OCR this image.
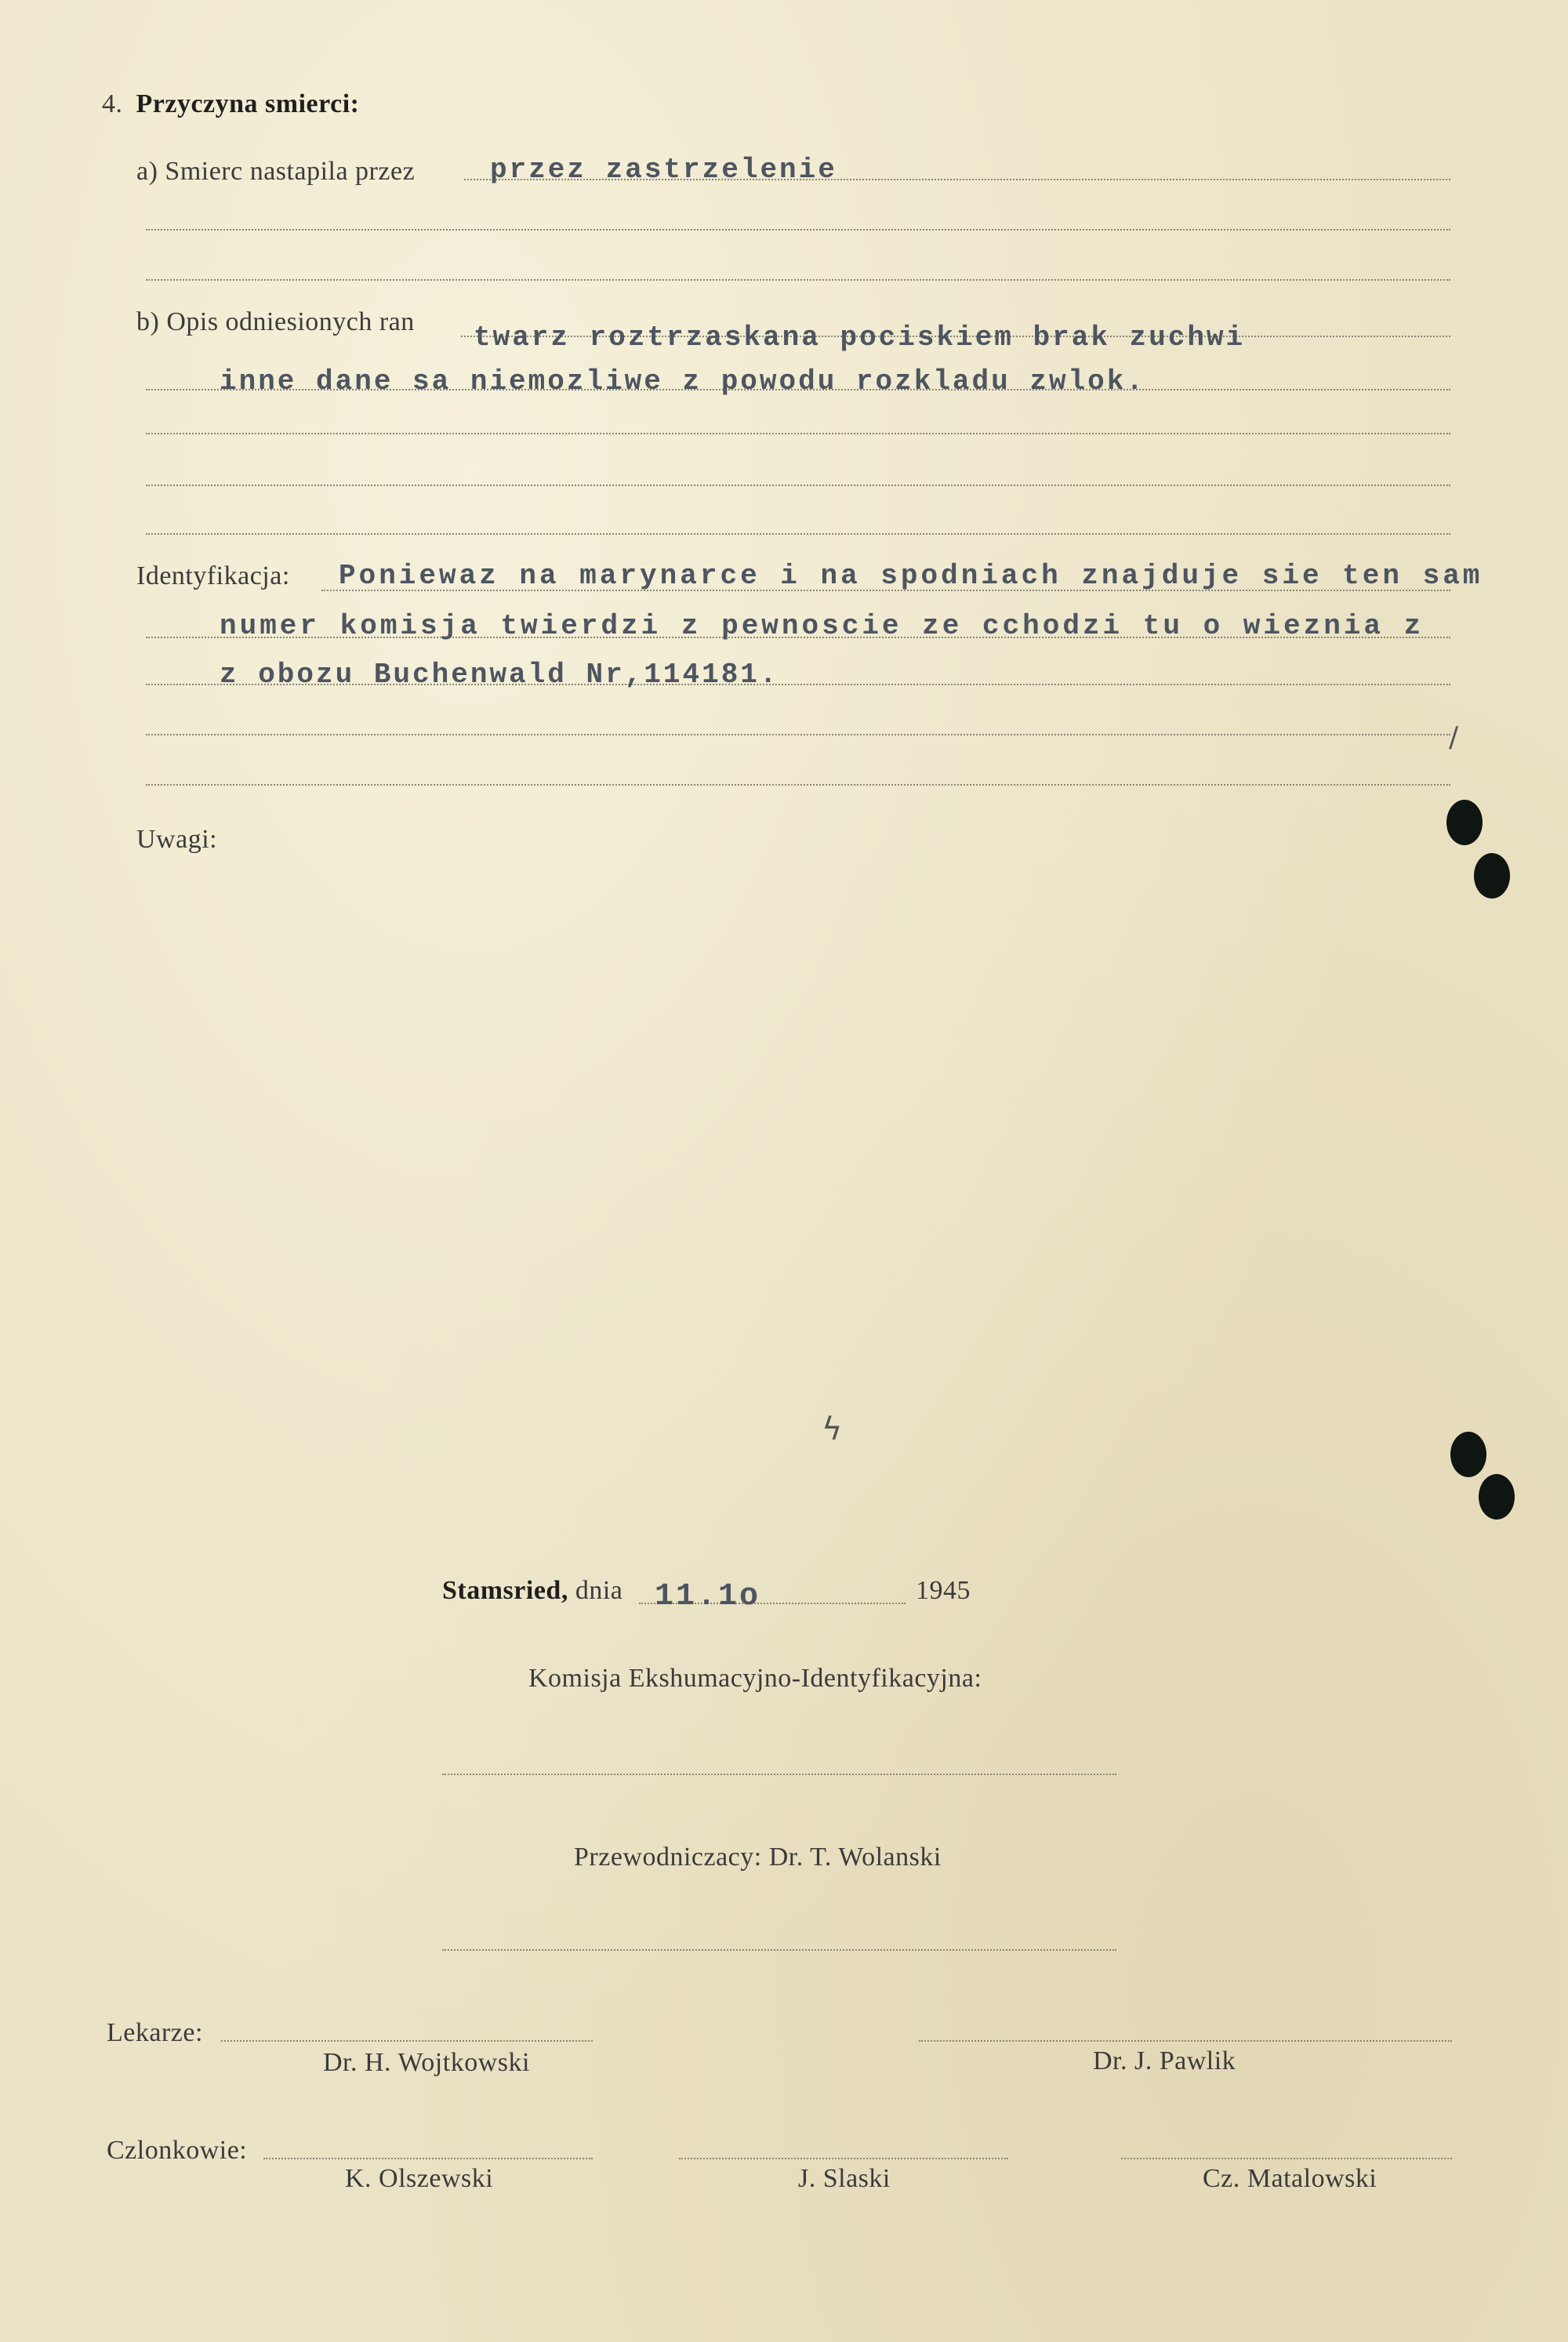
4. Przyczyna smierci:
a) Smierc nastapila przez	przez zastrzelenie
b) Opis odniesionych ran twarz roztrzaskana pociskiem brak zuchwi
inne dane sa niemozliwe z powodu rozkladu zwlok.
Identyfikacja: Poniewaz na marynarce i na spodniach znajduje sie ten sam
numer komisja twierdzi z pewnoscie ze cchodzi tu o wieznia z
z obozu Buchenwald Nr,114181.
Uwagi:
Stamsried, dnia 11.1o	1945
Komisja Ekshumacyjno-Identyfikacyjna:
Przewodniczacy: Dr. T. Wolanski
Lekarze:
Dr. H. Wojtkowski	Dr. J. Pawlik
Czlonkowie:
K. Olszewski	J. Slaski	Cz. Matalowski
ϟ
/
